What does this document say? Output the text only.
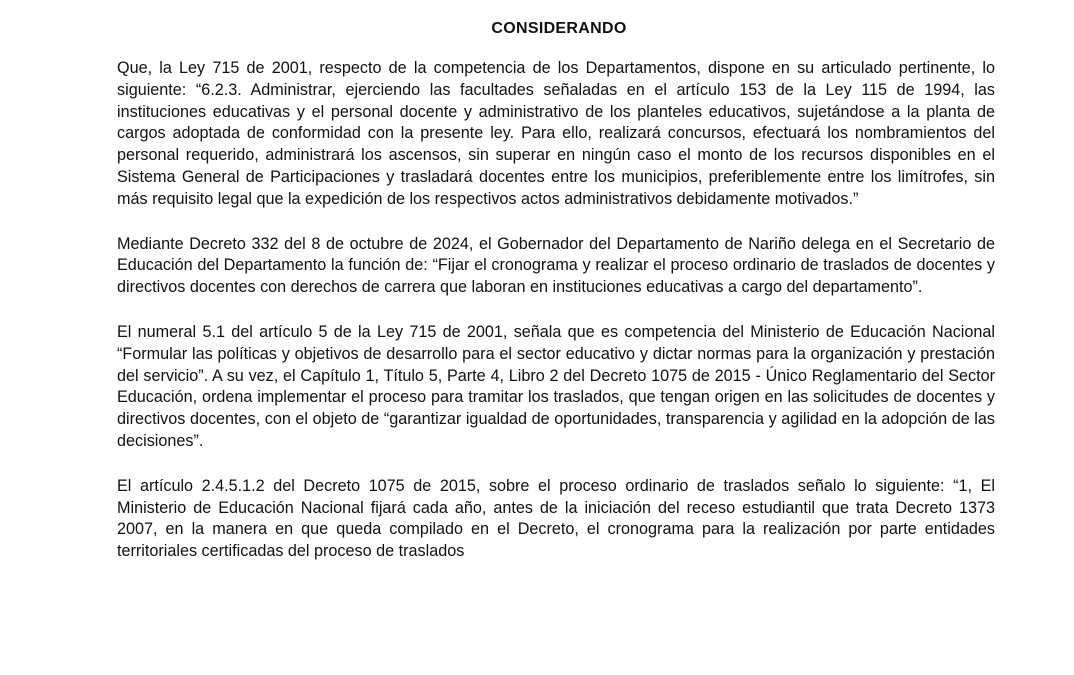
CONSIDERANDO

Que, la Ley 715 de 2001, respecto de la competencia de los Departamentos, dispone en su articulado pertinente, lo siguiente: “6.2.3. Administrar, ejerciendo las facultades señaladas en el artículo 153 de la Ley 115 de 1994, las instituciones educativas y el personal docente y administrativo de los planteles educativos, sujetándose a la planta de cargos adoptada de conformidad con la presente ley. Para ello, realizará concursos, efectuará los nombramientos del personal requerido, administrará los ascensos, sin superar en ningún caso el monto de los recursos disponibles en el Sistema General de Participaciones y trasladará docentes entre los municipios, preferiblemente entre los limítrofes, sin más requisito legal que la expedición de los respectivos actos administrativos debidamente motivados.”

Mediante Decreto 332 del 8 de octubre de 2024, el Gobernador del Departamento de Nariño delega en el Secretario de Educación del Departamento la función de: “Fijar el cronograma y realizar el proceso ordinario de traslados de docentes y directivos docentes con derechos de carrera que laboran en instituciones educativas a cargo del departamento”.

El numeral 5.1 del artículo 5 de la Ley 715 de 2001, señala que es competencia del Ministerio de Educación Nacional “Formular las políticas y objetivos de desarrollo para el sector educativo y dictar normas para la organización y prestación del servicio”. A su vez, el Capítulo 1, Título 5, Parte 4, Libro 2 del Decreto 1075 de 2015 - Único Reglamentario del Sector Educación, ordena implementar el proceso para tramitar los traslados, que tengan origen en las solicitudes de docentes y directivos docentes, con el objeto de “garantizar igualdad de oportunidades, transparencia y agilidad en la adopción de las decisiones”.

El artículo 2.4.5.1.2 del Decreto 1075 de 2015, sobre el proceso ordinario de traslados señalo lo siguiente: “1, El Ministerio de Educación Nacional fijará cada año, antes de la iniciación del receso estudiantil que trata Decreto 1373 2007, en la manera en que queda compilado en el Decreto, el cronograma para la realización por parte entidades territoriales certificadas del proceso de traslados
